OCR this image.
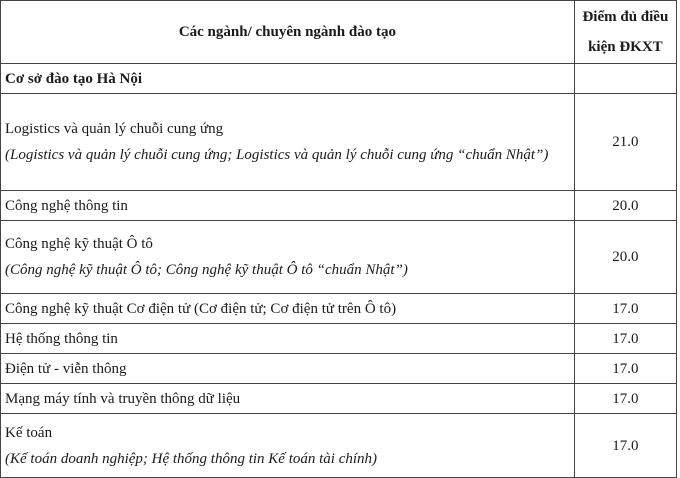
Các ngành/ chuyên ngành đào tạo	Điểm đủ điều kiện ĐKXT
Cơ sở đào tạo Hà Nội	
Logistics và quản lý chuỗi cung ứng
(Logistics và quản lý chuỗi cung ứng; Logistics và quản lý chuỗi cung ứng “chuẩn Nhật”)	21.0
Công nghệ thông tin	20.0
Công nghệ kỹ thuật Ô tô
(Công nghệ kỹ thuật Ô tô; Công nghệ kỹ thuật Ô tô “chuẩn Nhật”)	20.0
Công nghệ kỹ thuật Cơ điện tử (Cơ điện tử; Cơ điện tử trên Ô tô)	17.0
Hệ thống thông tin	17.0
Điện tử - viễn thông	17.0
Mạng máy tính và truyền thông dữ liệu	17.0
Kế toán
(Kế toán doanh nghiệp; Hệ thống thông tin Kế toán tài chính)	17.0
